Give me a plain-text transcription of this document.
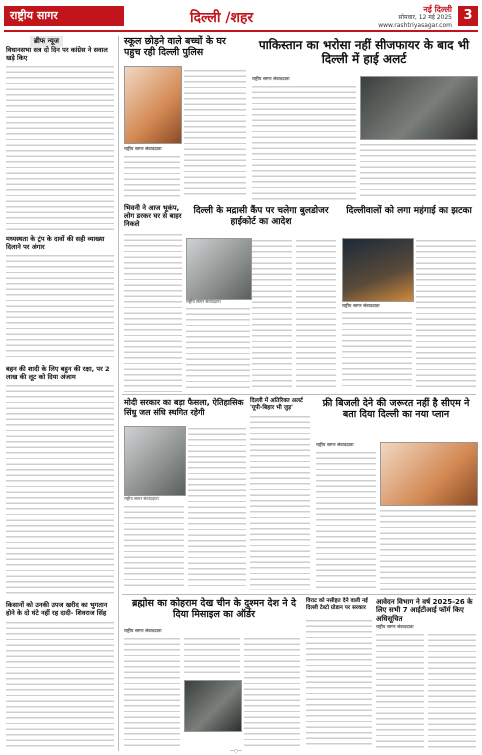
राष्ट्रीय सागर	दिल्ली /शहर
नई दिल्ली
सोमवार, 12 मई 2025
www.rashtriyasagar.com
3
ब्रीफ न्यूज
विधानसभा सत्र दो दिन पर कांग्रेस ने सवाल खड़े किए
मध्यस्थता के ट्रंप के दावों की सही व्याख्या दिलाने पर अंगार
बहन की शादी के लिए बहुन की रक्षा, पर 2 लाख की लूट को दिया अंजाम
किसानों को उनकी उपज खरीद का भुगतान होने के दो घंटे नहीं रह दादी- शिवराज सिंह
स्कूल छोड़ने वाले बच्चों के घर पहुच रही दिल्ली पुलिस
राष्ट्रीय सागर संवाददाता
पाकिस्तान का भरोसा नहीं सीजफायर के बाद भी दिल्ली में हाई अलर्ट
राष्ट्रीय सागर संवाददाता
भिवनी ने आज भूकंप, लोग डरकर घर से बाहर निकले
दिल्ली के मद्रासी कैंप पर चलेगा बुलडोजर हाईकोर्ट का आदेश
राष्ट्रीय सागर संवाददाता
दिल्लीवालों को लगा महंगाई का झटका
राष्ट्रीय सागर संवाददाता
मोदी सरकार का बड़ा फैसला, ऐतिहासिक सिंधु जल संधि स्थगित रहेगी
राष्ट्रीय सागर संवाददाता
दिल्ली में अतिरिक्त अलर्ट 'यूपी-बिहार भी जुड़'	फ्री बिजली देने की जरूरत नहीं है सीएम ने बता दिया दिल्ली का नया प्लान
राष्ट्रीय सागर संवाददाता
ब्रह्मोस का कोहराम देख चीन के दुश्मन देश ने दे दिया मिसाइल का ऑर्डर
राष्ट्रीय सागर संवाददाता
विराट को नसीहत देने वाली नई दिल्ली टेस्टो ग्रोडान पर सरकार
आवेदन विभाग ने वर्ष 2025-26 के लिए सभी 7 आईटीआई फॉर्म किए अधिसूचित
राष्ट्रीय सागर संवाददाता
—○—
